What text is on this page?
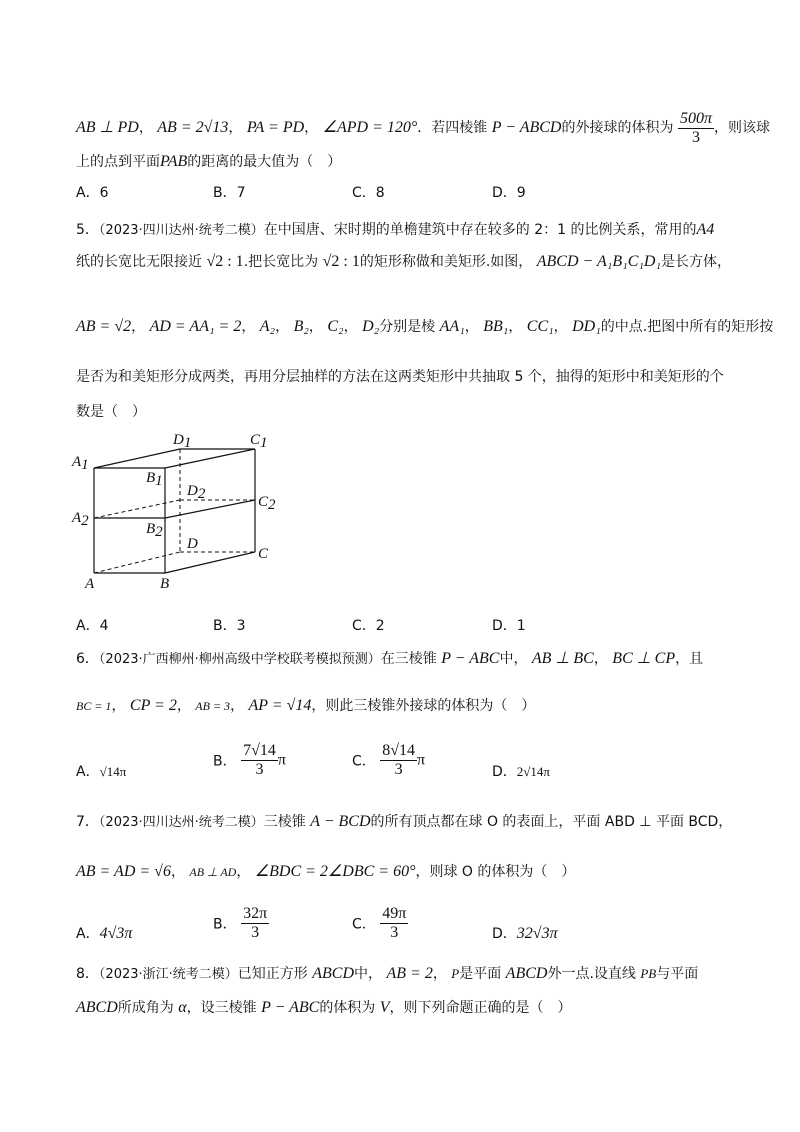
AB ⊥ PD， AB = 2√13， PA = PD， ∠APD = 120°．若四棱锥 P − ABCD的外接球的体积为 $\frac{500\pi}{3}$ ，则该球
上的点到平面PAB的距离的最大值为（　）
A．6	B．7	C．8	D．9
5．（2023·四川达州·统考二模）在中国唐、宋时期的单檐建筑中存在较多的 2：1 的比例关系，常用的A4
纸的长宽比无限接近 √2 : 1.把长宽比为 √2 : 1的矩形称做和美矩形.如图， ABCD − A₁B₁C₁D₁是长方体，
AB = √2， AD = AA₁ = 2， A₂， B₂， C₂， D₂分别是棱 AA₁， BB₁， CC₁， DD₁的中点.把图中所有的矩形按
是否为和美矩形分成两类，再用分层抽样的方法在这两类矩形中共抽取 5 个，抽得的矩形中和美矩形的个
数是（　）
A1
D1	C1
B1
D2	C2
A2	B2
D
C
A	B
A．4	B．3	C．2	D．1
6．（2023·广西柳州·柳州高级中学校联考模拟预测）在三棱锥 P − ABC中， AB ⊥ BC， BC ⊥ CP，且
BC = 1， CP = 2， AB = 3， AP = √14，则此三棱锥外接球的体积为（　）
A．√14π
B． $\frac{7√14}{3}$ π	C． $\frac{8√14}{3}$ π
D．2√14π
7．（2023·四川达州·统考二模）三棱锥 A − BCD的所有顶点都在球 O 的表面上，平面 ABD ⊥ 平面 BCD，
AB = AD = √6， AB ⊥ AD， ∠BDC = 2∠DBC = 60°，则球 O 的体积为（　）
A．4√3π
B． $\frac{32\pi}{3}$	C． $\frac{49\pi}{3}$	D．32√3π
8．（2023·浙江·统考二模）已知正方形 ABCD中， AB = 2， P是平面 ABCD外一点.设直线 PB与平面
ABCD所成角为 α，设三棱锥 P − ABC的体积为 V，则下列命题正确的是（　）
